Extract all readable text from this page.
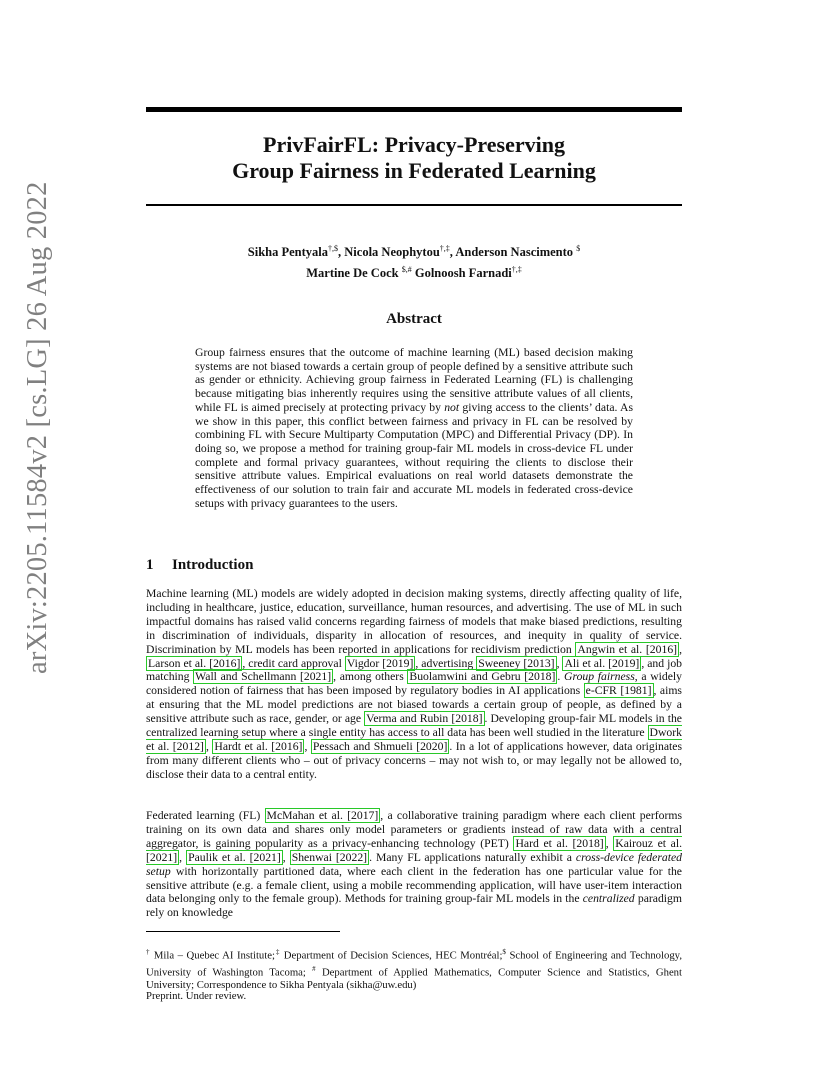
arXiv:2205.11584v2 [cs.LG] 26 Aug 2022
PrivFairFL: Privacy-Preserving
Group Fairness in Federated Learning
Sikha Pentyala†,$, Nicola Neophytou†,‡, Anderson Nascimento $
Martine De Cock $,# Golnoosh Farnadi†,‡
Abstract
Group fairness ensures that the outcome of machine learning (ML) based decision making systems are not biased towards a certain group of people defined by a sensitive attribute such as gender or ethnicity. Achieving group fairness in Federated Learning (FL) is challenging because mitigating bias inherently requires using the sensitive attribute values of all clients, while FL is aimed precisely at protecting privacy by not giving access to the clients’ data. As we show in this paper, this conflict between fairness and privacy in FL can be resolved by combining FL with Secure Multiparty Computation (MPC) and Differential Privacy (DP). In doing so, we propose a method for training group-fair ML models in cross-device FL under complete and formal privacy guarantees, without requiring the clients to disclose their sensitive attribute values. Empirical evaluations on real world datasets demonstrate the effectiveness of our solution to train fair and accurate ML models in federated cross-device setups with privacy guarantees to the users.
1 Introduction

Machine learning (ML) models are widely adopted in decision making systems, directly affecting quality of life, including in healthcare, justice, education, surveillance, human resources, and advertising. The use of ML in such impactful domains has raised valid concerns regarding fairness of models that make biased predictions, resulting in discrimination of individuals, disparity in allocation of resources, and inequity in quality of service. Discrimination by ML models has been reported in applications for recidivism prediction Angwin et al. [2016] , Larson et al. [2016] , credit card approval Vigdor [2019] , advertising Sweeney [2013] , Ali et al. [2019] , and job matching Wall and Schellmann [2021] , among others Buolamwini and Gebru [2018] . Group fairness, a widely considered notion of fairness that has been imposed by regulatory bodies in AI applications e-CFR [1981] , aims at ensuring that the ML model predictions are not biased towards a certain group of people, as defined by a sensitive attribute such as race, gender, or age Verma and Rubin [2018] . Developing group-fair ML models in the centralized learning setup where a single entity has access to all data has been well studied in the literature Dwork et al. [2012] , Hardt et al. [2016] , Pessach and Shmueli [2020] . In a lot of applications however, data originates from many different clients who – out of privacy concerns – may not wish to, or may legally not be allowed to, disclose their data to a central entity.

Federated learning (FL) McMahan et al. [2017] , a collaborative training paradigm where each client performs training on its own data and shares only model parameters or gradients instead of raw data with a central aggregator, is gaining popularity as a privacy-enhancing technology (PET) Hard et al. [2018] , Kairouz et al. [2021] , Paulik et al. [2021] , Shenwai [2022] . Many FL applications naturally exhibit a cross-device federated setup with horizontally partitioned data, where each client in the federation has one particular value for the sensitive attribute (e.g. a female client, using a mobile recommending application, will have user-item interaction data belonging only to the female group). Methods for training group-fair ML models in the centralized paradigm rely on knowledge

† Mila – Quebec AI Institute;‡ Department of Decision Sciences, HEC Montréal;$ School of Engineering and Technology, University of Washington Tacoma; # Department of Applied Mathematics, Computer Science and Statistics, Ghent University; Correspondence to Sikha Pentyala (sikha@uw.edu)
Preprint. Under review.
